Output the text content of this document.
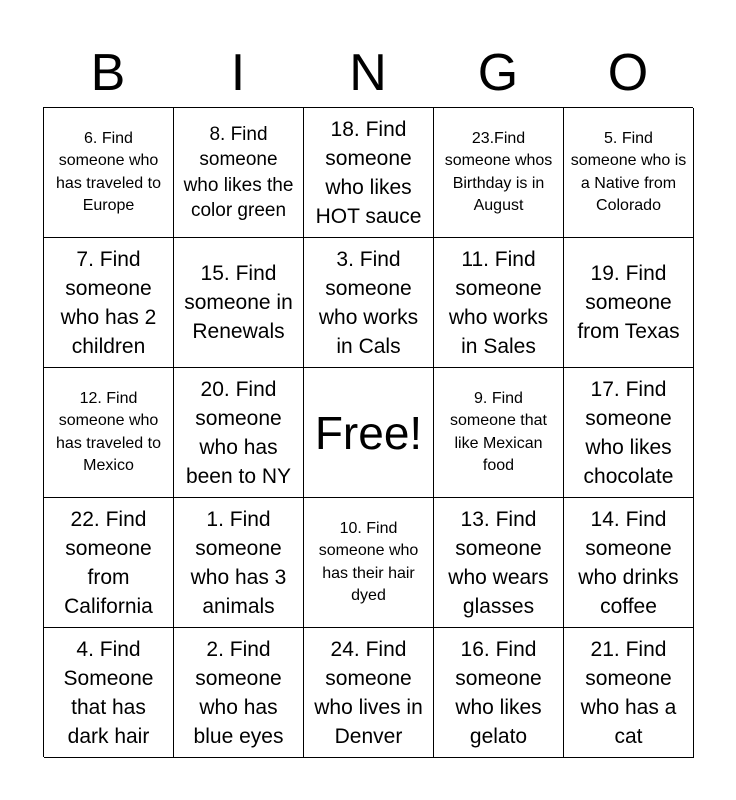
B	I	N	G	O
6. Find someone who has traveled to Europe
8. Find someone who likes the color green
18. Find someone who likes HOT sauce
23.Find someone whos Birthday is in August
5. Find someone who is a Native from Colorado
7. Find someone who has 2 children
15. Find someone in Renewals
3. Find someone who works in Cals
11. Find someone who works in Sales
19. Find someone from Texas
12. Find someone who has traveled to Mexico
20. Find someone who has been to NY
Free!
9. Find someone that like Mexican food
17. Find someone who likes chocolate
22. Find someone from California
1. Find someone who has 3 animals
10. Find someone who has their hair dyed
13. Find someone who wears glasses
14. Find someone who drinks coffee
4. Find Someone that has dark hair
2. Find someone who has blue eyes
24. Find someone who lives in Denver
16. Find someone who likes gelato
21. Find someone who has a cat
